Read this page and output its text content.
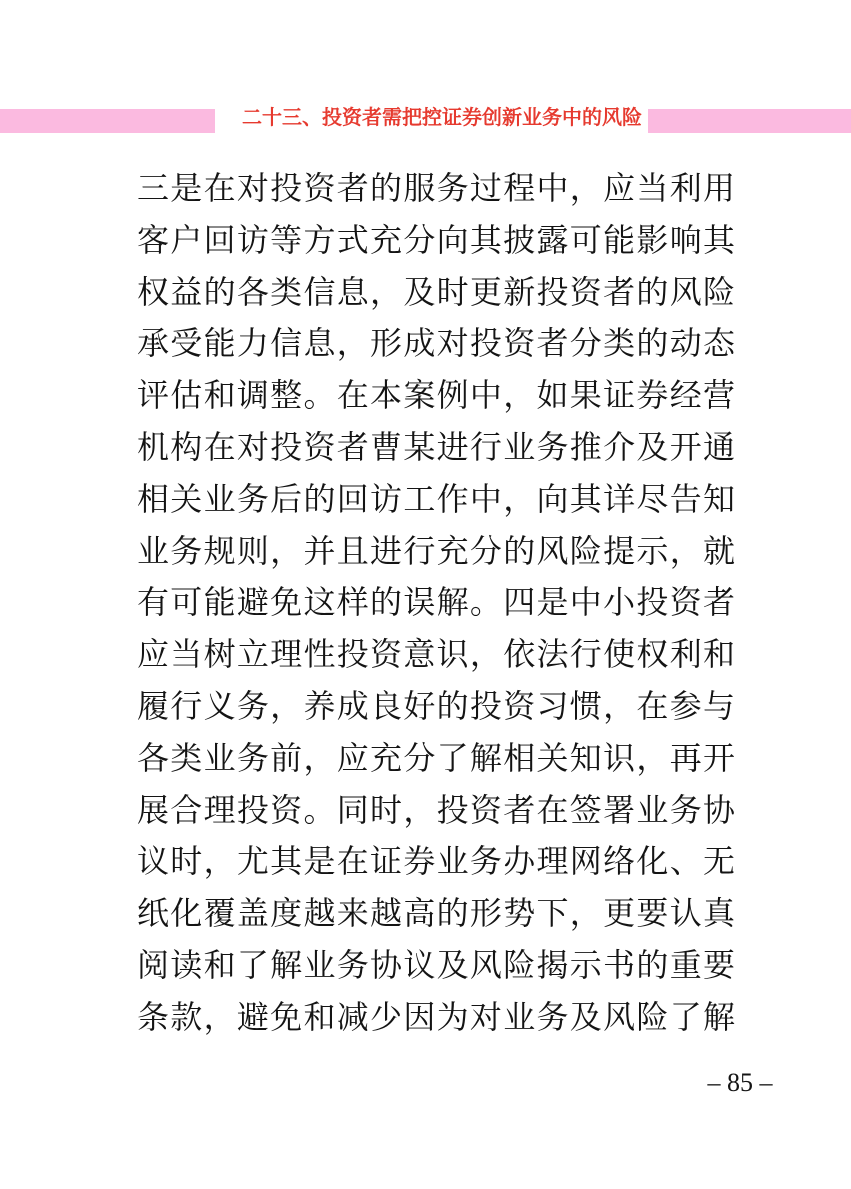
二十三、投资者需把控证券创新业务中的风险
三是在对投资者的服务过程中，应当利用
客户回访等方式充分向其披露可能影响其
权益的各类信息，及时更新投资者的风险
承受能力信息，形成对投资者分类的动态
评估和调整。在本案例中，如果证券经营
机构在对投资者曹某进行业务推介及开通
相关业务后的回访工作中，向其详尽告知
业务规则，并且进行充分的风险提示，就
有可能避免这样的误解。四是中小投资者
应当树立理性投资意识，依法行使权利和
履行义务，养成良好的投资习惯，在参与
各类业务前，应充分了解相关知识，再开
展合理投资。同时，投资者在签署业务协
议时，尤其是在证券业务办理网络化、无
纸化覆盖度越来越高的形势下，更要认真
阅读和了解业务协议及风险揭示书的重要
条款，避免和减少因为对业务及风险了解
– 85 –
